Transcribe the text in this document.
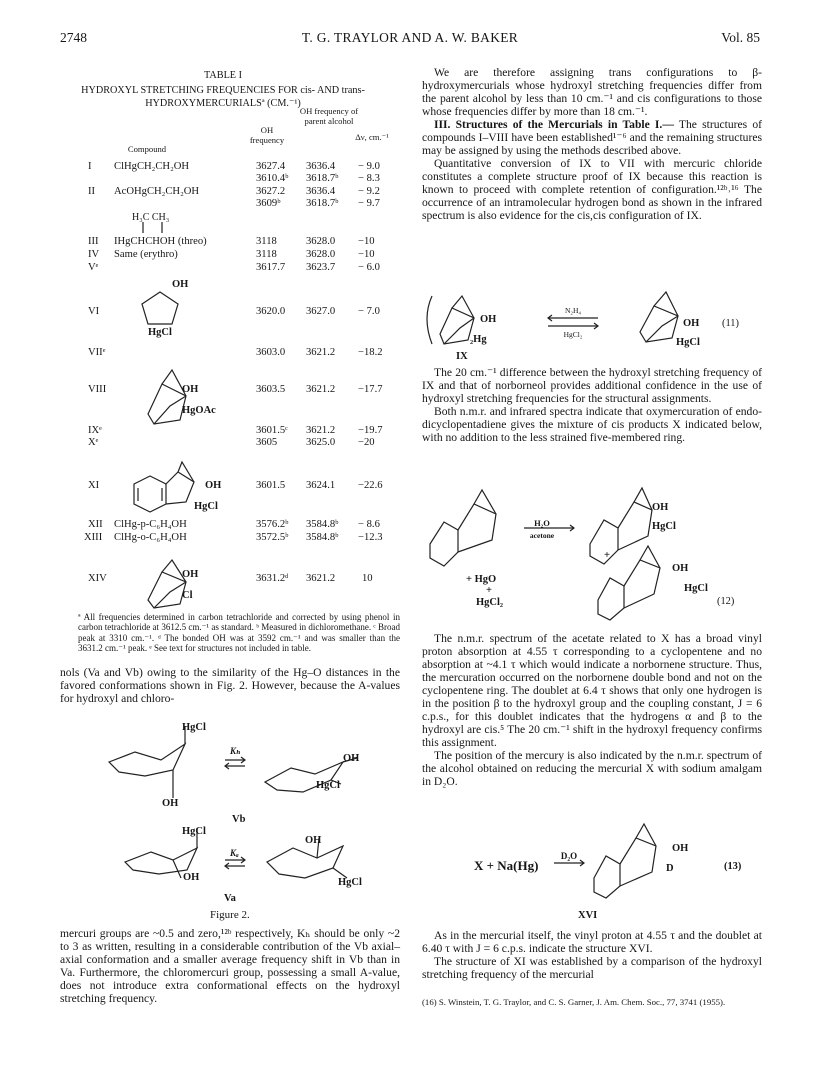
2748	T. G. TRAYLOR AND A. W. BAKER	Vol. 85
TABLE I
HYDROXYL STRETCHING FREQUENCIES FOR cis- AND trans-
HYDROXYMERCURIALSª (CM.⁻¹)
Compound
OH frequency
OH frequency of parent alcohol
Δν, cm.⁻¹
I ClHgCH₂CH₂OH	3627.4 3636.4 − 9.0
3610.4ᵇ 3618.7ᵇ − 8.3
II AcOHgCH₂CH₂OH	3627.2 3636.4 − 9.2
3609ᵇ 3618.7ᵇ − 9.7
H₃C CH₃
III IHgCHCHOH (threo)	3118	3628.0 −10
IV Same (erythro)	3118	3628.0 −10
Vᵉ	3617.7 3623.7 − 6.0
OH
HgCl
VI	3620.0 3627.0 − 7.0
VIIᵉ	3603.0 3621.2 −18.2
OH
HgOAc
VIII	3603.5 3621.2 −17.7
IXᵉ	3601.5ᶜ 3621.2 −19.7
Xᵉ	3605	3625.0 −20
OH
HgCl
XI	3601.5 3624.1 −22.6
XII ClHg-p-C₆H₄OH	3576.2ᵇ 3584.8ᵇ − 8.6
XIII ClHg-o-C₆H₄OH	3572.5ᵇ 3584.8ᵇ −12.3
OH
Cl
XIV	3631.2ᵈ 3621.2	10
ª All frequencies determined in carbon tetrachloride and corrected by using phenol in carbon tetrachloride at 3612.5 cm.⁻¹ as standard. ᵇ Measured in dichloromethane. ᶜ Broad peak at 3310 cm.⁻¹. ᵈ The bonded OH was at 3592 cm.⁻¹ and was smaller than the 3631.2 cm.⁻¹ peak. ᵉ See text for structures not included in table.

nols (Va and Vb) owing to the similarity of the Hg–O distances in the favored conformations shown in Fig. 2. However, because the A-values for hydroxyl and chloro-

HgCl
OH
Kₕ
OH
HgCl
Vb
HgCl
OH
Kₐ
OH
HgCl
Va
Figure 2.

mercuri groups are ~0.5 and zero,¹²ᵇ respectively, Kₕ should be only ~2 to 3 as written, resulting in a considerable contribution of the Vb axial–axial conformation and a smaller average frequency shift in Vb than in Va. Furthermore, the chloromercuri group, possessing a small A-value, does not introduce extra conformational effects on the hydroxyl stretching frequency.

We are therefore assigning trans configurations to β-hydroxymercurials whose hydroxyl stretching frequencies differ from the parent alcohol by less than 10 cm.⁻¹ and cis configurations to those whose frequencies differ by more than 18 cm.⁻¹.

III. Structures of the Mercurials in Table I.— The structures of compounds I–VIII have been established¹⁻⁶ and the remaining structures may be assigned by using the methods described above.

Quantitative conversion of IX to VII with mercuric chloride constitutes a complete structure proof of IX because this reaction is known to proceed with complete retention of configuration.¹²ᵇ˒¹⁶ The occurrence of an intramolecular hydrogen bond as shown in the infrared spectrum is also evidence for the cis,cis configuration of IX.

OH
₂Hg
IX
N₂H₄
HgCl₂
OH
HgCl
(11)

The 20 cm.⁻¹ difference between the hydroxyl stretching frequency of IX and that of norborneol provides additional confidence in the use of hydroxyl stretching frequencies for the structural assignments.

Both n.m.r. and infrared spectra indicate that oxymercuration of endo-dicyclopentadiene gives the mixture of cis products X indicated below, with no addition to the less strained five-membered ring.

+ HgO
+
HgCl₂
H₂O
acetone
OH
HgCl
+
OH
HgCl
(12)

The n.m.r. spectrum of the acetate related to X has a broad vinyl proton absorption at 4.55 τ corresponding to a cyclopentene and no absorption at ~4.1 τ which would indicate a norbornene structure. Thus, the mercuration occurred on the norbornene double bond and not on the cyclopentene ring. The doublet at 6.4 τ shows that only one hydrogen is in the position β to the hydroxyl group and the coupling constant, J = 6 c.p.s., for this doublet indicates that the hydrogens α and β to the hydroxyl are cis.⁵ The 20 cm.⁻¹ shift in the hydroxyl frequency confirms this assignment.

The position of the mercury is also indicated by the n.m.r. spectrum of the alcohol obtained on reducing the mercurial X with sodium amalgam in D₂O.

X + Na(Hg)
D₂O
OH
D	(13)
XVI

As in the mercurial itself, the vinyl proton at 4.55 τ and the doublet at 6.40 τ with J = 6 c.p.s. indicate the structure XVI.

The structure of XI was established by a comparison of the hydroxyl stretching frequency of the mercurial

(16) S. Winstein, T. G. Traylor, and C. S. Garner, J. Am. Chem. Soc., 77, 3741 (1955).
